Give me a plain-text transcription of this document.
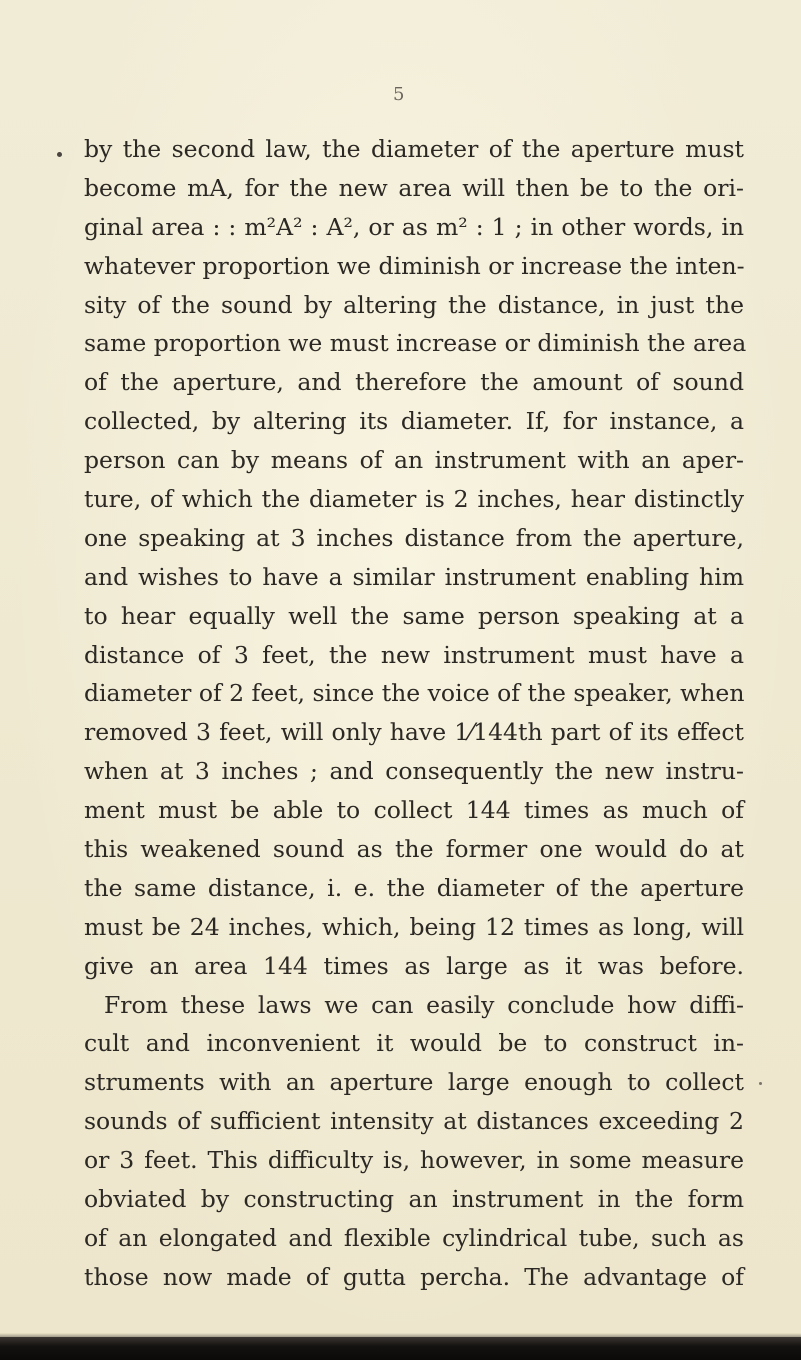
5

by the second law, the diameter of the aperture must
become mA, for the new area will then be to the ori-
ginal area : : m²A² : A², or as m² : 1 ; in other words, in
whatever proportion we diminish or increase the inten-
sity of the sound by altering the distance, in just the
same proportion we must increase or diminish the area
of the aperture, and therefore the amount of sound
collected, by altering its diameter. If, for instance, a
person can by means of an instrument with an aper-
ture, of which the diameter is 2 inches, hear distinctly
one speaking at 3 inches distance from the aperture,
and wishes to have a similar instrument enabling him
to hear equally well the same person speaking at a
distance of 3 feet, the new instrument must have a
diameter of 2 feet, since the voice of the speaker, when
removed 3 feet, will only have 1⁄144th part of its effect
when at 3 inches ; and consequently the new instru-
ment must be able to collect 144 times as much of
this weakened sound as the former one would do at
the same distance, i. e. the diameter of the aperture
must be 24 inches, which, being 12 times as long, will
give an area 144 times as large as it was before.
From these laws we can easily conclude how diffi-
cult and inconvenient it would be to construct in-
struments with an aperture large enough to collect
sounds of sufficient intensity at distances exceeding 2
or 3 feet. This difficulty is, however, in some measure
obviated by constructing an instrument in the form
of an elongated and flexible cylindrical tube, such as
those now made of gutta percha. The advantage of
